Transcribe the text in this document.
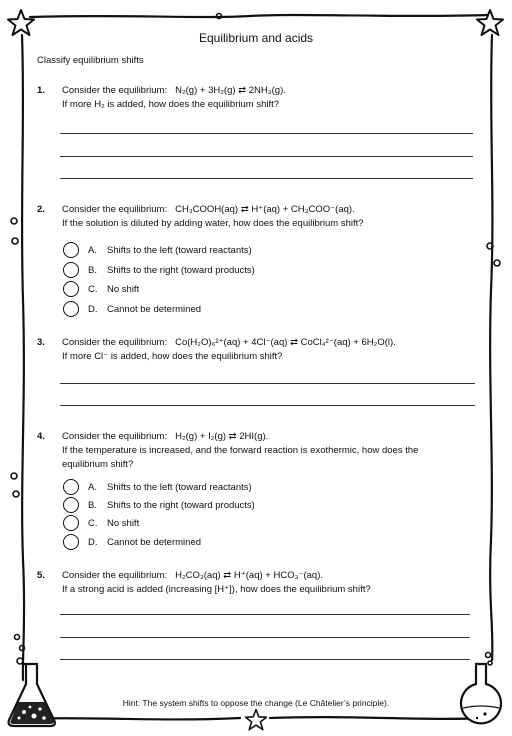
Equilibrium and acids
Classify equilibrium shifts
1. Consider the equilibrium: N₂(g) + 3H₂(g) ⇄ 2NH₃(g).
If more H₂ is added, how does the equilibrium shift?
2. Consider the equilibrium: CH₃COOH(aq) ⇄ H⁺(aq) + CH₃COO⁻(aq).
If the solution is diluted by adding water, how does the equilibrium shift?
A. Shifts to the left (toward reactants)
B. Shifts to the right (toward products)
C. No shift
D. Cannot be determined
3. Consider the equilibrium: Co(H₂O)₆²⁺(aq) + 4Cl⁻(aq) ⇄ CoCl₄²⁻(aq) + 6H₂O(l).
If more Cl⁻ is added, how does the equilibrium shift?
4. Consider the equilibrium: H₂(g) + I₂(g) ⇄ 2HI(g).
If the temperature is increased, and the forward reaction is exothermic, how does the equilibrium shift?
A. Shifts to the left (toward reactants)
B. Shifts to the right (toward products)
C. No shift
D. Cannot be determined
5. Consider the equilibrium: H₂CO₃(aq) ⇄ H⁺(aq) + HCO₃⁻(aq).
If a strong acid is added (increasing [H⁺]), how does the equilibrium shift?
Hint: The system shifts to oppose the change (Le Châtelier’s principle).
